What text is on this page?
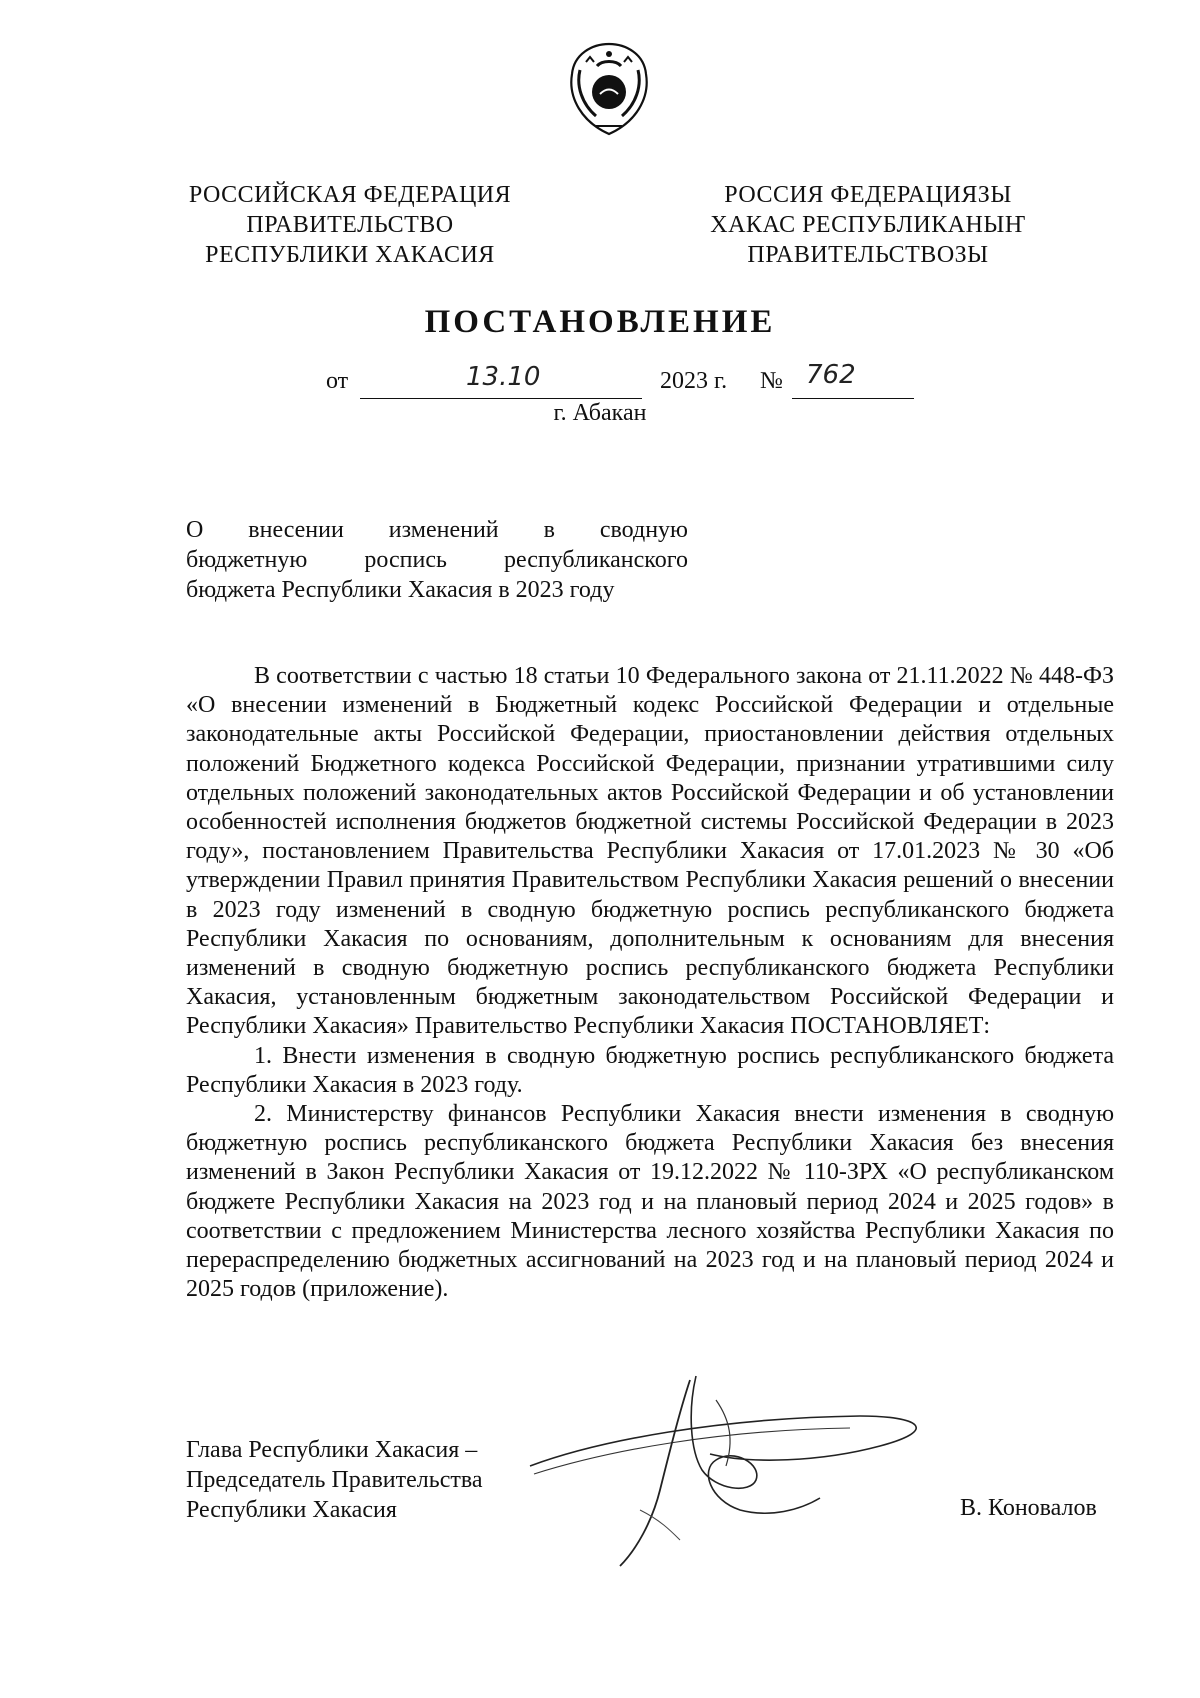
РОССИЙСКАЯ ФЕДЕРАЦИЯ
ПРАВИТЕЛЬСТВО
РЕСПУБЛИКИ ХАКАСИЯ
РОССИЯ ФЕДЕРАЦИЯЗЫ
ХАКАС РЕСПУБЛИКАНЫҤ
ПРАВИТЕЛЬСТВОЗЫ
ПОСТАНОВЛЕНИЕ
от	13.10	2023 г. № 762
г. Абакан
О внесении изменений в сводную
бюджетную роспись республиканского
бюджета Республики Хакасия в 2023 году

В соответствии с частью 18 статьи 10 Федерального закона от 21.11.2022 № 448-ФЗ «О внесении изменений в Бюджетный кодекс Российской Федерации и отдельные законодательные акты Российской Федерации, приостановлении действия отдельных положений Бюджетного кодекса Российской Федерации, признании утратившими силу отдельных положений законодательных актов Российской Федерации и об установлении особенностей исполнения бюджетов бюджетной системы Российской Федерации в 2023 году», постановлением Правительства Республики Хакасия от 17.01.2023 № 30 «Об утверждении Правил принятия Правительством Республики Хакасия решений о внесении в 2023 году изменений в сводную бюджетную роспись республиканского бюджета Республики Хакасия по основаниям, дополнительным к основаниям для внесения изменений в сводную бюджетную роспись республиканского бюджета Республики Хакасия, установленным бюджетным законодательством Российской Федерации и Республики Хакасия» Правительство Республики Хакасия ПОСТАНОВЛЯЕТ:

1. Внести изменения в сводную бюджетную роспись республиканского бюджета Республики Хакасия в 2023 году.

2. Министерству финансов Республики Хакасия внести изменения в сводную бюджетную роспись республиканского бюджета Республики Хакасия без внесения изменений в Закон Республики Хакасия от 19.12.2022 № 110-ЗРХ «О республиканском бюджете Республики Хакасия на 2023 год и на плановый период 2024 и 2025 годов» в соответствии с предложением Министерства лесного хозяйства Республики Хакасия по перераспределению бюджетных ассигнований на 2023 год и на плановый период 2024 и 2025 годов (приложение).

Глава Республики Хакасия –
Председатель Правительства
Республики Хакасия	В. Коновалов
